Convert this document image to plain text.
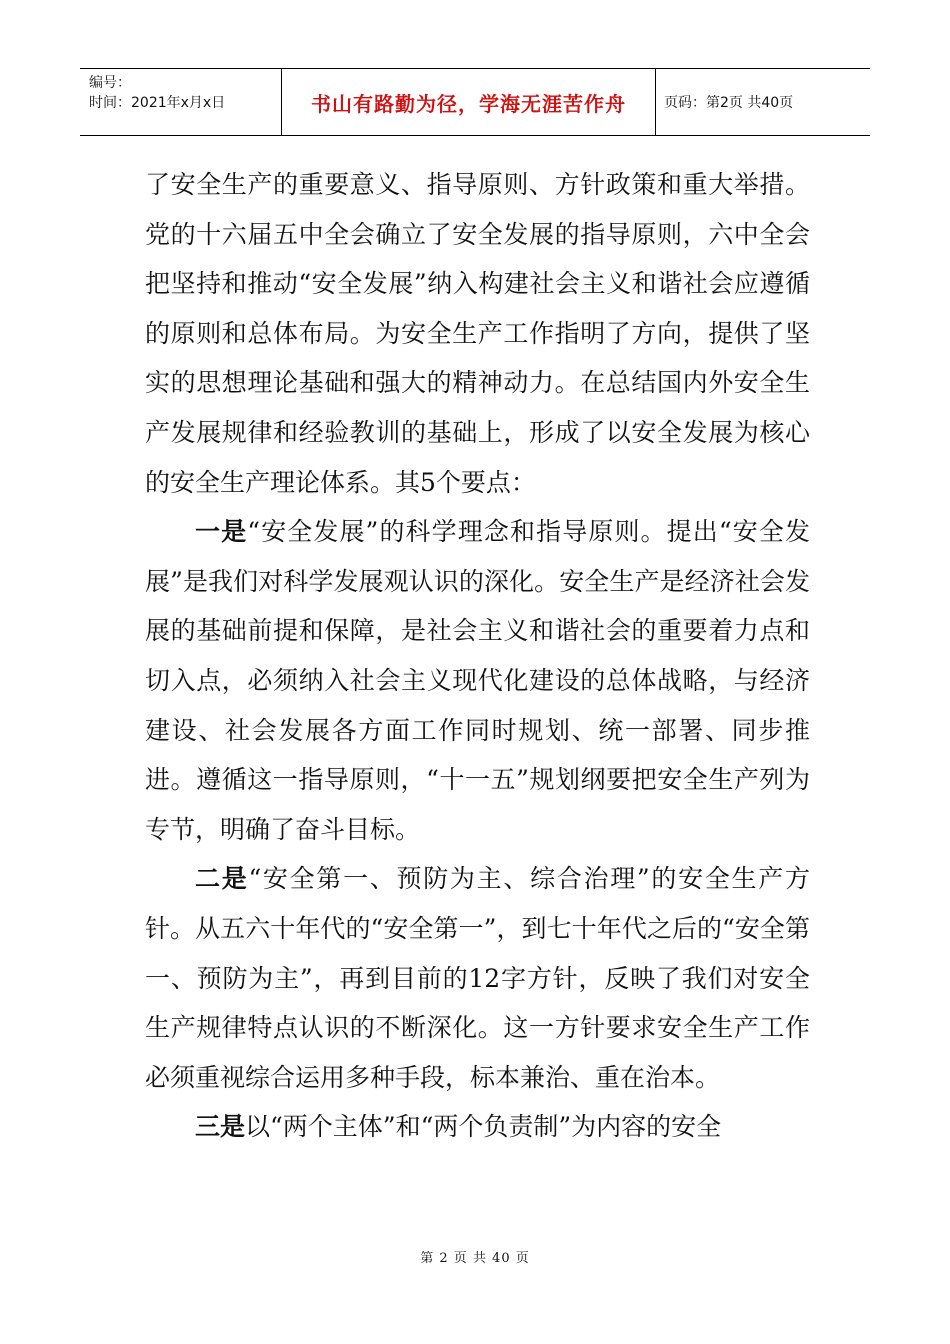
编号：
时间：2021年x月x日	书山有路勤为径，学海无涯苦作舟	页码：第2页 共40页

了安全生产的重要意义、指导原则、方针政策和重大举措。党的十六届五中全会确立了安全发展的指导原则，六中全会把坚持和推动“安全发展”纳入构建社会主义和谐社会应遵循的原则和总体布局。为安全生产工作指明了方向，提供了坚实的思想理论基础和强大的精神动力。在总结国内外安全生产发展规律和经验教训的基础上，形成了以安全发展为核心的安全生产理论体系。其5个要点：

一是“安全发展”的科学理念和指导原则。提出“安全发展”是我们对科学发展观认识的深化。安全生产是经济社会发展的基础前提和保障，是社会主义和谐社会的重要着力点和切入点，必须纳入社会主义现代化建设的总体战略，与经济建设、社会发展各方面工作同时规划、统一部署、同步推进。遵循这一指导原则，“十一五”规划纲要把安全生产列为专节，明确了奋斗目标。

二是“安全第一、预防为主、综合治理”的安全生产方针。从五六十年代的“安全第一”，到七十年代之后的“安全第一、预防为主”，再到目前的12字方针，反映了我们对安全生产规律特点认识的不断深化。这一方针要求安全生产工作必须重视综合运用多种手段，标本兼治、重在治本。

三是以“两个主体”和“两个负责制”为内容的安全

第 2 页 共 40 页
